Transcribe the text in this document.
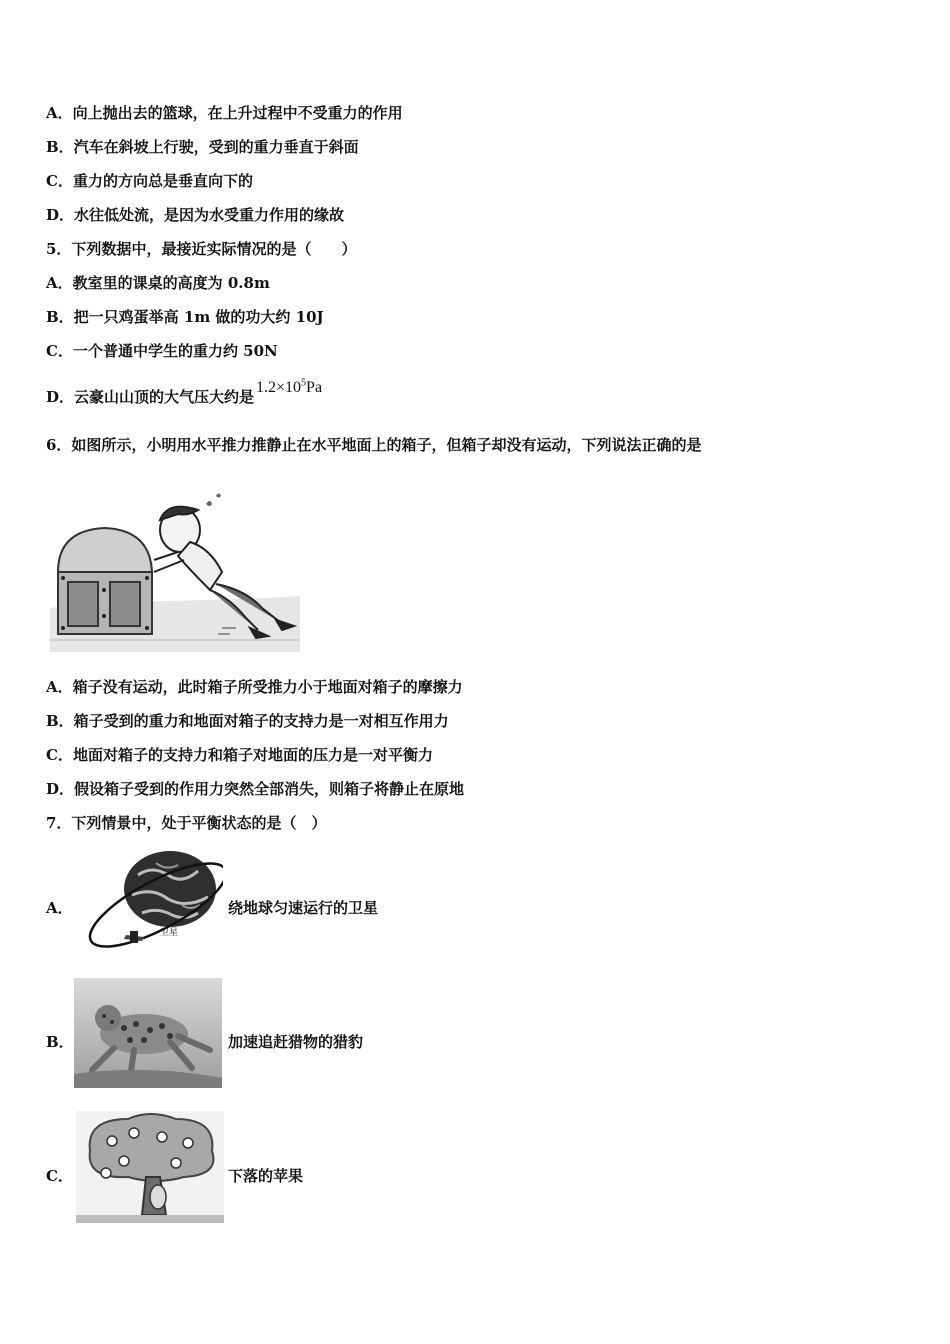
A．向上抛出去的篮球，在上升过程中不受重力的作用
B．汽车在斜坡上行驶，受到的重力垂直于斜面
C．重力的方向总是垂直向下的
D．水往低处流，是因为水受重力作用的缘故
5．下列数据中，最接近实际情况的是（　　）
A．教室里的课桌的高度为 0.8m
B．把一只鸡蛋举高 1m 做的功大约 10J
C．一个普通中学生的重力约 50N
D．云豪山山顶的大气压大约是$1.2\times 10^5Pa$
6．如图所示，小明用水平推力推静止在水平地面上的箱子，但箱子却没有运动，下列说法正确的是
A．箱子没有运动，此时箱子所受推力小于地面对箱子的摩擦力
B．箱子受到的重力和地面对箱子的支持力是一对相互作用力
C．地面对箱子的支持力和箱子对地面的压力是一对平衡力
D．假设箱子受到的作用力突然全部消失，则箱子将静止在原地
7．下列情景中，处于平衡状态的是（　）
A．
卫星
绕地球匀速运行的卫星
B．	加速追赶猎物的猎豹
C．	下落的苹果
